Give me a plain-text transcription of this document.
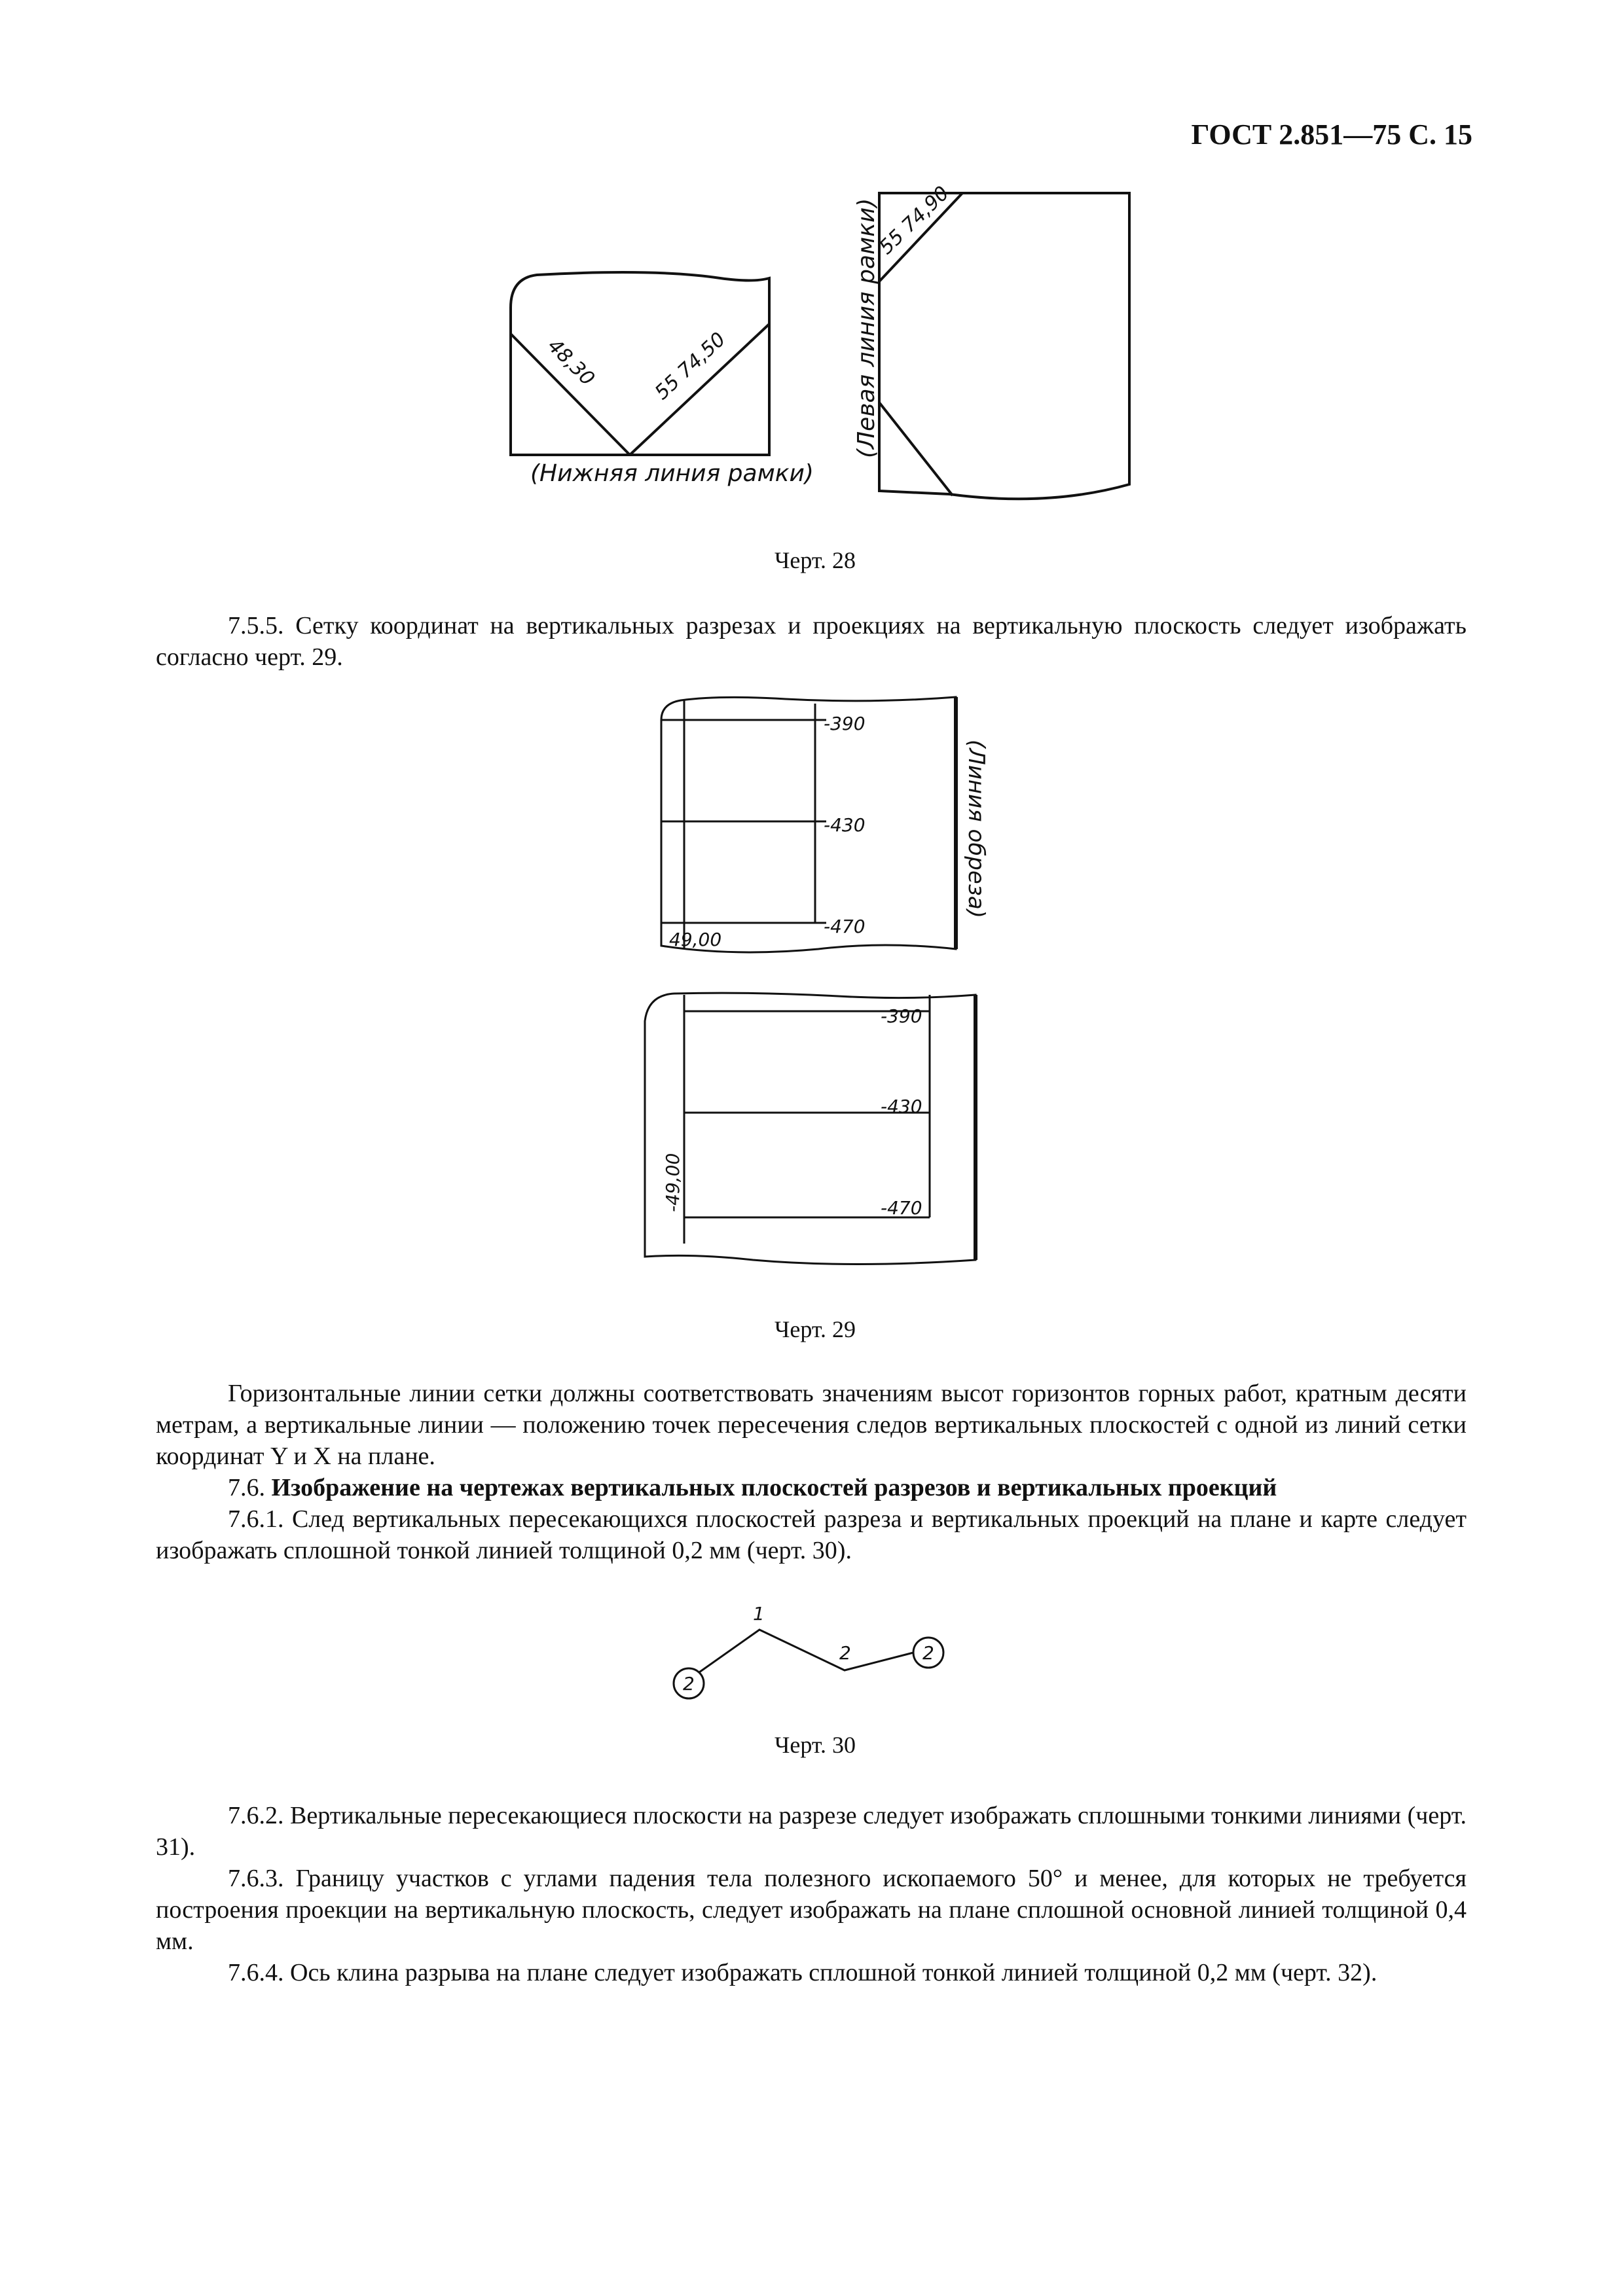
ГОСТ 2.851—75 С. 15
48,30	55 74,50
(Нижняя линия рамки)
55 74,90
(Левая линия рамки)
Черт. 28

7.5.5. Сетку координат на вертикальных разрезах и проекциях на вертикальную плоскость следует изображать согласно черт. 29.

-390
-430
-470
49,00
(Линия обреза)
-390
-430
-470
-49,00
Черт. 29

Горизонтальные линии сетки должны соответствовать значениям высот горизонтов горных работ, кратным десяти метрам, а вертикальные линии — положению точек пересечения следов вертикальных плоскостей с одной из линий сетки координат Y и X на плане.

7.6. Изображение на чертежах вертикальных плоскостей разрезов и вертикальных проекций

7.6.1. След вертикальных пересекающихся плоскостей разреза и вертикальных проекций на плане и карте следует изображать сплошной тонкой линией толщиной 0,2 мм (черт. 30).

1
2
2
2
Черт. 30

7.6.2. Вертикальные пересекающиеся плоскости на разрезе следует изображать сплошными тонкими линиями (черт. 31).

7.6.3. Границу участков с углами падения тела полезного ископаемого 50° и менее, для которых не требуется построения проекции на вертикальную плоскость, следует изображать на плане сплошной основной линией толщиной 0,4 мм.

7.6.4. Ось клина разрыва на плане следует изображать сплошной тонкой линией толщиной 0,2 мм (черт. 32).
